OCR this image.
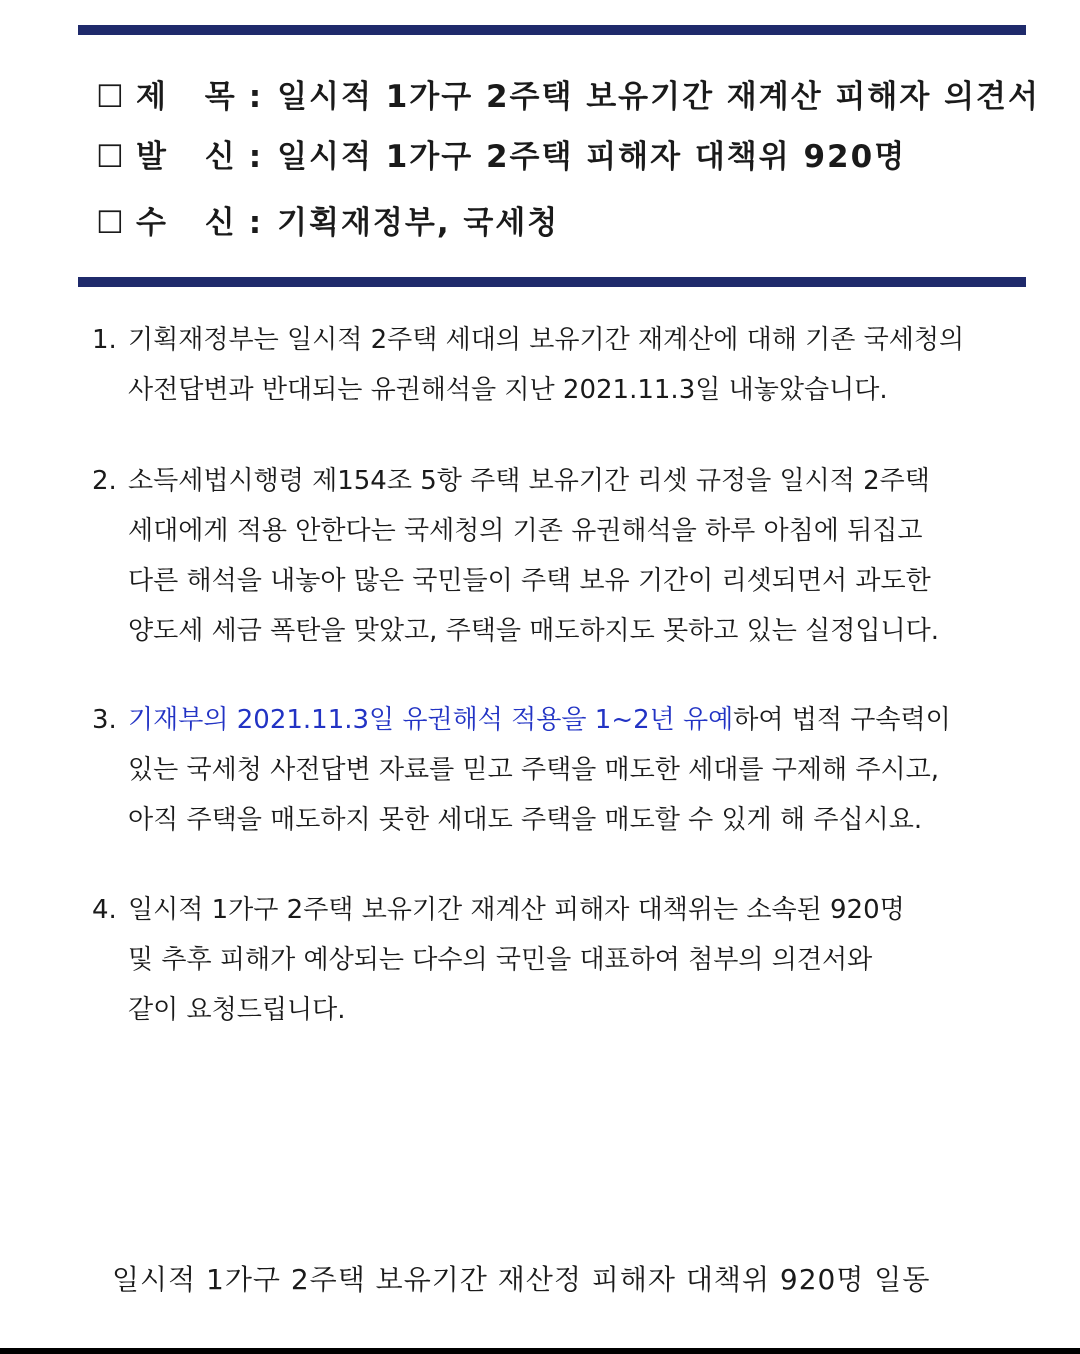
☐ 제 목: 일시적 1가구 2주택 보유기간 재계산 피해자 의견서
☐ 발 신: 일시적 1가구 2주택 피해자 대책위 920명
☐ 수 신: 기획재정부, 국세청
1. 기획재정부는 일시적 2주택 세대의 보유기간 재계산에 대해 기존 국세청의
사전답변과 반대되는 유권해석을 지난 2021.11.3일 내놓았습니다.
2. 소득세법시행령 제154조 5항 주택 보유기간 리셋 규정을 일시적 2주택
세대에게 적용 안한다는 국세청의 기존 유권해석을 하루 아침에 뒤집고
다른 해석을 내놓아 많은 국민들이 주택 보유 기간이 리셋되면서 과도한
양도세 세금 폭탄을 맞았고, 주택을 매도하지도 못하고 있는 실정입니다.
3. 기재부의 2021.11.3일 유권해석 적용을 1~2년 유예하여 법적 구속력이
있는 국세청 사전답변 자료를 믿고 주택을 매도한 세대를 구제해 주시고,
아직 주택을 매도하지 못한 세대도 주택을 매도할 수 있게 해 주십시요.
4. 일시적 1가구 2주택 보유기간 재계산 피해자 대책위는 소속된 920명
및 추후 피해가 예상되는 다수의 국민을 대표하여 첨부의 의견서와
같이 요청드립니다.
일시적 1가구 2주택 보유기간 재산정 피해자 대책위 920명 일동
